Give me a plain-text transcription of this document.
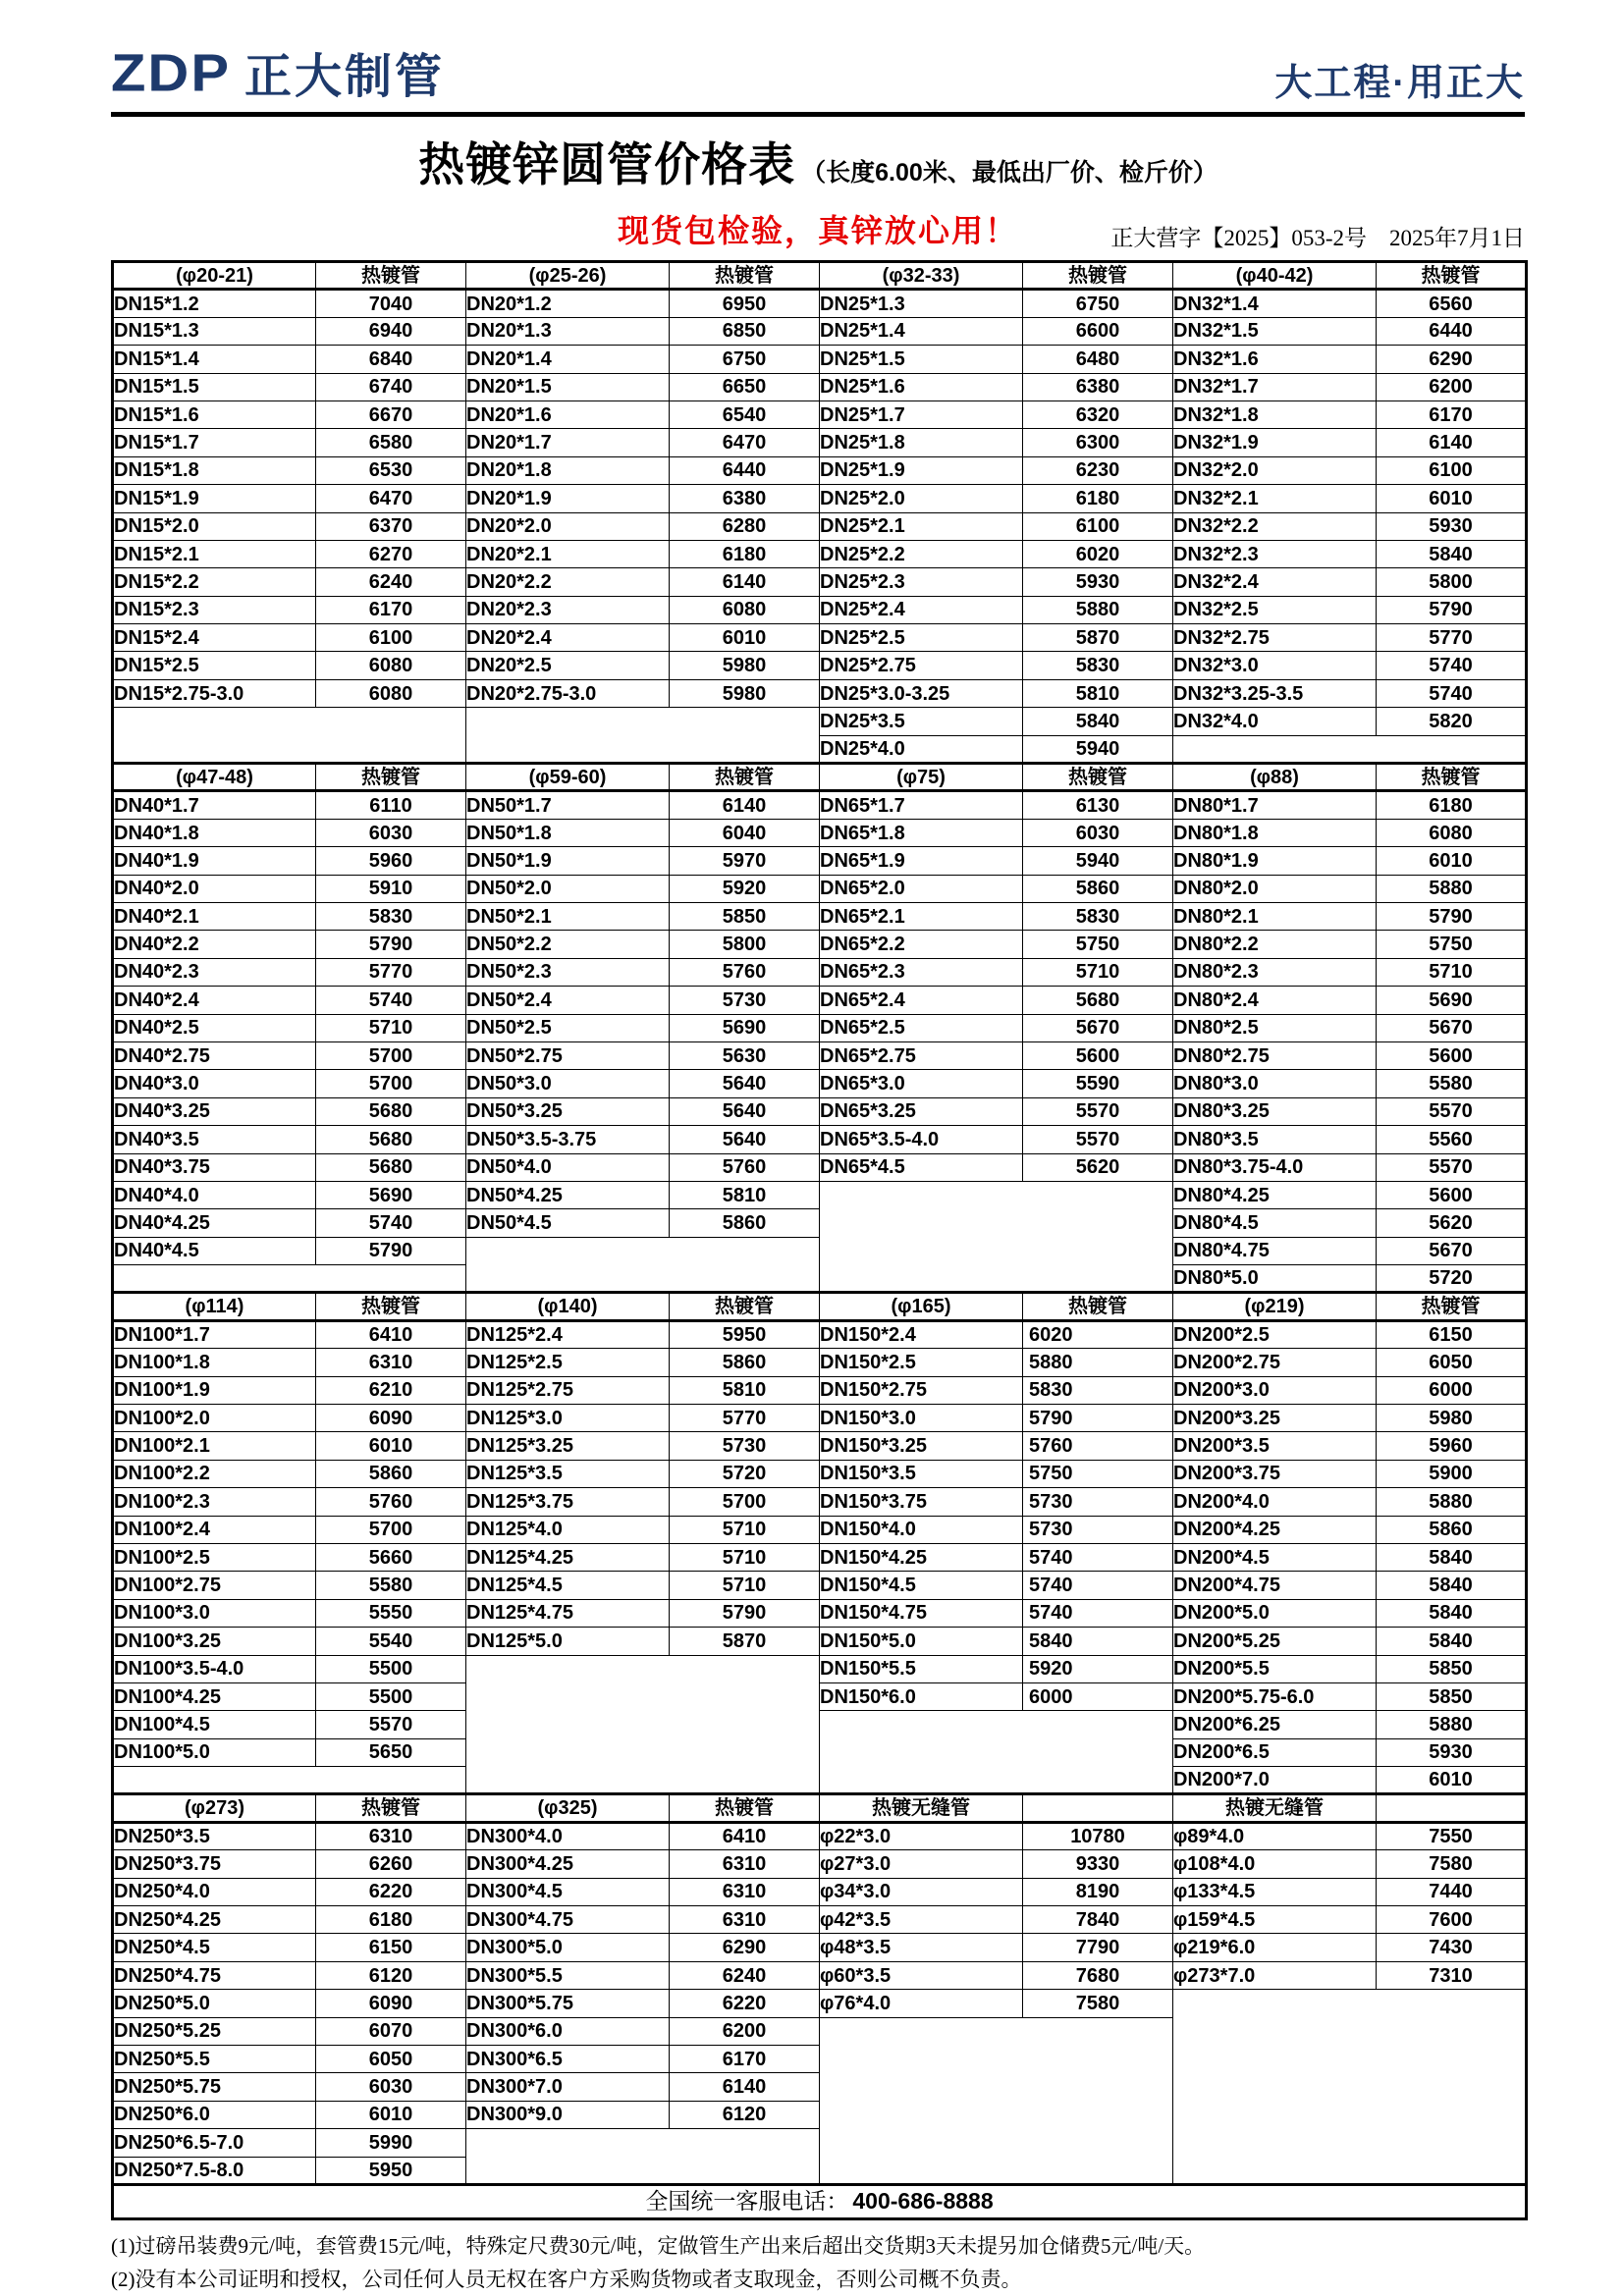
ZDP 正大制管	大工程·用正大
热镀锌圆管价格表 （长度6.00米、最低出厂价、检斤价）
现货包检验，真锌放心用！	正大营字【2025】053-2号　2025年7月1日
(φ20-21)	热镀管	(φ25-26)	热镀管	(φ32-33)	热镀管	(φ40-42)	热镀管
DN15*1.2	7040	DN20*1.2	6950	DN25*1.3	6750	DN32*1.4	6560
DN15*1.3	6940	DN20*1.3	6850	DN25*1.4	6600	DN32*1.5	6440
DN15*1.4	6840	DN20*1.4	6750	DN25*1.5	6480	DN32*1.6	6290
DN15*1.5	6740	DN20*1.5	6650	DN25*1.6	6380	DN32*1.7	6200
DN15*1.6	6670	DN20*1.6	6540	DN25*1.7	6320	DN32*1.8	6170
DN15*1.7	6580	DN20*1.7	6470	DN25*1.8	6300	DN32*1.9	6140
DN15*1.8	6530	DN20*1.8	6440	DN25*1.9	6230	DN32*2.0	6100
DN15*1.9	6470	DN20*1.9	6380	DN25*2.0	6180	DN32*2.1	6010
DN15*2.0	6370	DN20*2.0	6280	DN25*2.1	6100	DN32*2.2	5930
DN15*2.1	6270	DN20*2.1	6180	DN25*2.2	6020	DN32*2.3	5840
DN15*2.2	6240	DN20*2.2	6140	DN25*2.3	5930	DN32*2.4	5800
DN15*2.3	6170	DN20*2.3	6080	DN25*2.4	5880	DN32*2.5	5790
DN15*2.4	6100	DN20*2.4	6010	DN25*2.5	5870	DN32*2.75	5770
DN15*2.5	6080	DN20*2.5	5980	DN25*2.75	5830	DN32*3.0	5740
DN15*2.75-3.0	6080	DN20*2.75-3.0	5980	DN25*3.0-3.25	5810	DN32*3.25-3.5	5740
				DN25*3.5	5840	DN32*4.0	5820
				DN25*4.0	5940		
(φ47-48)	热镀管	(φ59-60)	热镀管	(φ75)	热镀管	(φ88)	热镀管
DN40*1.7	6110	DN50*1.7	6140	DN65*1.7	6130	DN80*1.7	6180
DN40*1.8	6030	DN50*1.8	6040	DN65*1.8	6030	DN80*1.8	6080
DN40*1.9	5960	DN50*1.9	5970	DN65*1.9	5940	DN80*1.9	6010
DN40*2.0	5910	DN50*2.0	5920	DN65*2.0	5860	DN80*2.0	5880
DN40*2.1	5830	DN50*2.1	5850	DN65*2.1	5830	DN80*2.1	5790
DN40*2.2	5790	DN50*2.2	5800	DN65*2.2	5750	DN80*2.2	5750
DN40*2.3	5770	DN50*2.3	5760	DN65*2.3	5710	DN80*2.3	5710
DN40*2.4	5740	DN50*2.4	5730	DN65*2.4	5680	DN80*2.4	5690
DN40*2.5	5710	DN50*2.5	5690	DN65*2.5	5670	DN80*2.5	5670
DN40*2.75	5700	DN50*2.75	5630	DN65*2.75	5600	DN80*2.75	5600
DN40*3.0	5700	DN50*3.0	5640	DN65*3.0	5590	DN80*3.0	5580
DN40*3.25	5680	DN50*3.25	5640	DN65*3.25	5570	DN80*3.25	5570
DN40*3.5	5680	DN50*3.5-3.75	5640	DN65*3.5-4.0	5570	DN80*3.5	5560
DN40*3.75	5680	DN50*4.0	5760	DN65*4.5	5620	DN80*3.75-4.0	5570
DN40*4.0	5690	DN50*4.25	5810			DN80*4.25	5600
DN40*4.25	5740	DN50*4.5	5860			DN80*4.5	5620
DN40*4.5	5790					DN80*4.75	5670
						DN80*5.0	5720
(φ114)	热镀管	(φ140)	热镀管	(φ165)	热镀管	(φ219)	热镀管
DN100*1.7	6410	DN125*2.4	5950	DN150*2.4	6020	DN200*2.5	6150
DN100*1.8	6310	DN125*2.5	5860	DN150*2.5	5880	DN200*2.75	6050
DN100*1.9	6210	DN125*2.75	5810	DN150*2.75	5830	DN200*3.0	6000
DN100*2.0	6090	DN125*3.0	5770	DN150*3.0	5790	DN200*3.25	5980
DN100*2.1	6010	DN125*3.25	5730	DN150*3.25	5760	DN200*3.5	5960
DN100*2.2	5860	DN125*3.5	5720	DN150*3.5	5750	DN200*3.75	5900
DN100*2.3	5760	DN125*3.75	5700	DN150*3.75	5730	DN200*4.0	5880
DN100*2.4	5700	DN125*4.0	5710	DN150*4.0	5730	DN200*4.25	5860
DN100*2.5	5660	DN125*4.25	5710	DN150*4.25	5740	DN200*4.5	5840
DN100*2.75	5580	DN125*4.5	5710	DN150*4.5	5740	DN200*4.75	5840
DN100*3.0	5550	DN125*4.75	5790	DN150*4.75	5740	DN200*5.0	5840
DN100*3.25	5540	DN125*5.0	5870	DN150*5.0	5840	DN200*5.25	5840
DN100*3.5-4.0	5500			DN150*5.5	5920	DN200*5.5	5850
DN100*4.25	5500			DN150*6.0	6000	DN200*5.75-6.0	5850
DN100*4.5	5570					DN200*6.25	5880
DN100*5.0	5650					DN200*6.5	5930
						DN200*7.0	6010
(φ273)	热镀管	(φ325)	热镀管	热镀无缝管		热镀无缝管	
DN250*3.5	6310	DN300*4.0	6410	φ22*3.0	10780	φ89*4.0	7550
DN250*3.75	6260	DN300*4.25	6310	φ27*3.0	9330	φ108*4.0	7580
DN250*4.0	6220	DN300*4.5	6310	φ34*3.0	8190	φ133*4.5	7440
DN250*4.25	6180	DN300*4.75	6310	φ42*3.5	7840	φ159*4.5	7600
DN250*4.5	6150	DN300*5.0	6290	φ48*3.5	7790	φ219*6.0	7430
DN250*4.75	6120	DN300*5.5	6240	φ60*3.5	7680	φ273*7.0	7310
DN250*5.0	6090	DN300*5.75	6220	φ76*4.0	7580		
DN250*5.25	6070	DN300*6.0	6200				
DN250*5.5	6050	DN300*6.5	6170				
DN250*5.75	6030	DN300*7.0	6140				
DN250*6.0	6010	DN300*9.0	6120				
DN250*6.5-7.0	5990						
DN250*7.5-8.0	5950						
全国统一客服电话： 400-686-8888							
(1)过磅吊装费9元/吨，套管费15元/吨，特殊定尺费30元/吨，定做管生产出来后超出交货期3天未提另加仓储费5元/吨/天。
(2)没有本公司证明和授权，公司任何人员无权在客户方采购货物或者支取现金，否则公司概不负责。
